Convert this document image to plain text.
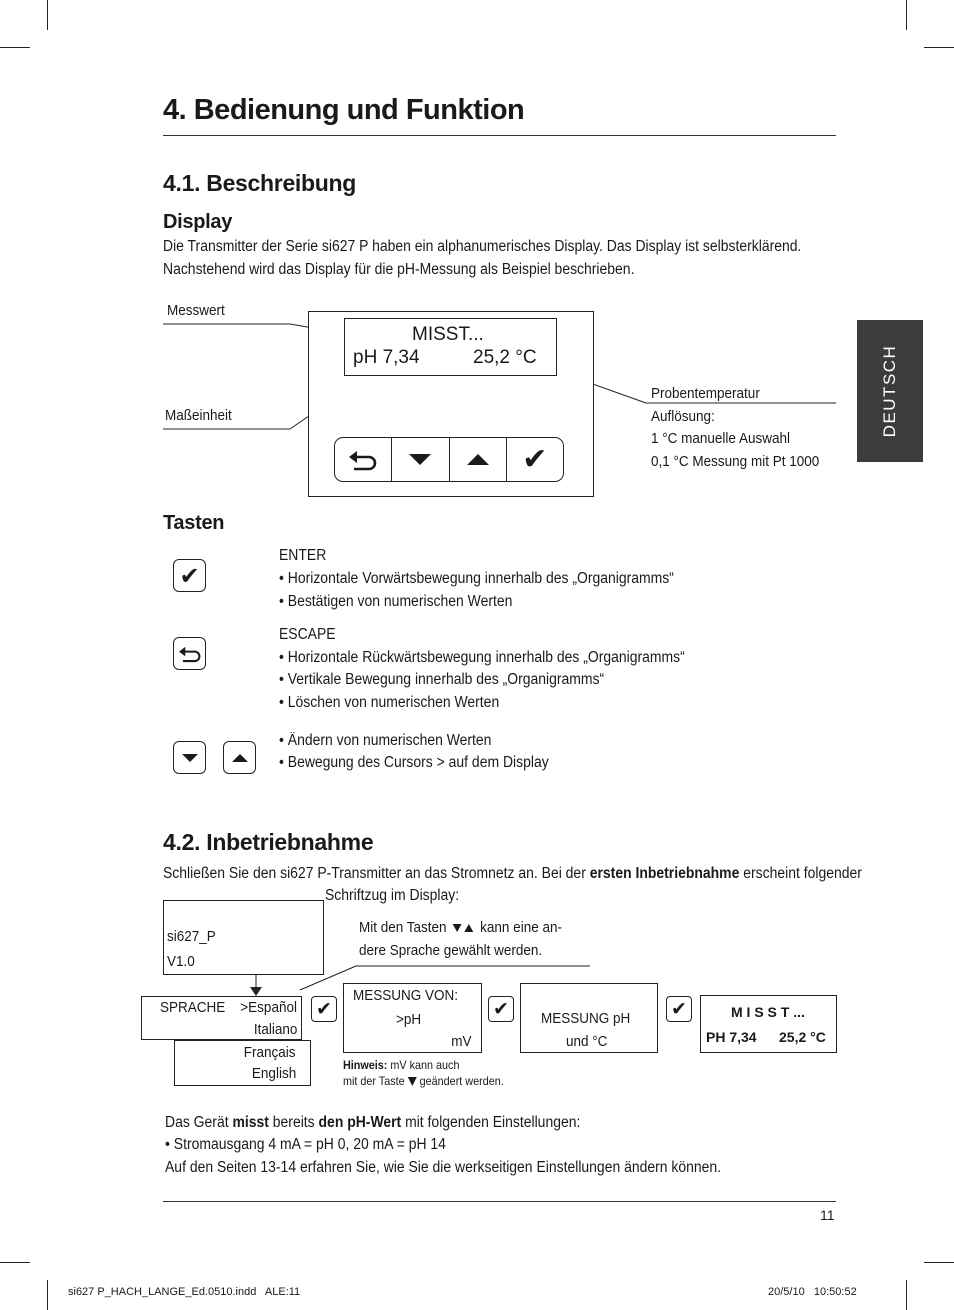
4. Bedienung und Funktion
DEUTSCH
4.1. Beschreibung
Display
Die Transmitter der Serie si627 P haben ein alphanumerisches Display. Das Display ist selbsterklärend.
Nachstehend wird das Display für die pH-Messung als Beispiel beschrieben.
Messwert
Maßeinheit
MISST...
pH 7,34	25,2 °C
✔
Probentemperatur
Auflösung:
1 °C manuelle Auswahl
0,1 °C Messung mit Pt 1000
Tasten
✔
ENTER
• Horizontale Vorwärtsbewegung innerhalb des „Organigramms“
• Bestätigen von numerischen Werten
ESCAPE
• Horizontale Rückwärtsbewegung innerhalb des „Organigramms“
• Vertikale Bewegung innerhalb des „Organigramms“
• Löschen von numerischen Werten
• Ändern von numerischen Werten
• Bewegung des Cursors > auf dem Display
4.2. Inbetriebnahme
Schließen Sie den si627 P-Transmitter an das Stromnetz an. Bei der ersten Inbetriebnahme erscheint folgender
Schriftzug im Display:
si627_P
V1.0
Mit den Tasten kann eine an-
dere Sprache gewählt werden.
Français
English
SPRACHE >Español
Italiano
✔
MESSUNG VON:
>pH
mV
Hinweis: mV kann auch
mit der Taste geändert werden.
✔ MESSUNG pH
und °C
✔	M I S S T ...
PH 7,34 25,2 °C
Das Gerät misst bereits den pH-Wert mit folgenden Einstellungen:
• Stromausgang 4 mA = pH 0, 20 mA = pH 14
Auf den Seiten 13-14 erfahren Sie, wie Sie die werkseitigen Einstellungen ändern können.
11
si627 P_HACH_LANGE_Ed.0510.indd   ALE:11	20/5/10   10:50:52
